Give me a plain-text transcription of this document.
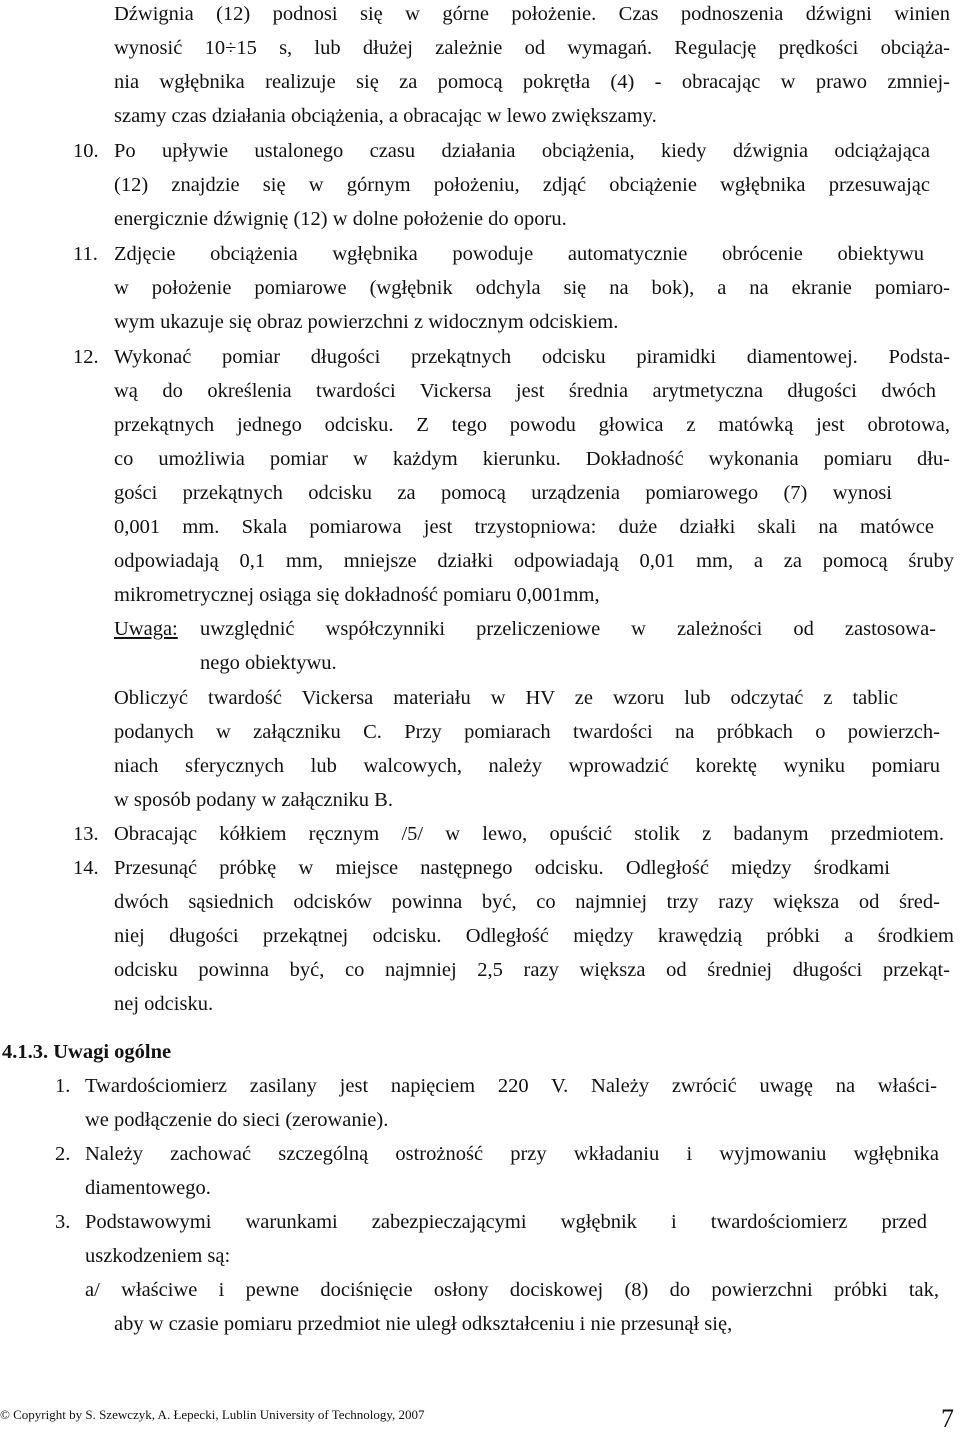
Dźwignia (12) podnosi się w górne położenie. Czas podnoszenia dźwigni winien
wynosić 10÷15 s, lub dłużej zależnie od wymagań. Regulację prędkości obciąża-
nia wgłębnika realizuje się za pomocą pokrętła (4) - obracając w prawo zmniej-
szamy czas działania obciążenia, a obracając w lewo zwiększamy.
10. Po upływie ustalonego czasu działania obciążenia, kiedy dźwignia odciążająca
(12) znajdzie się w górnym położeniu, zdjąć obciążenie wgłębnika przesuwając
energicznie dźwignię (12) w dolne położenie do oporu.
11. Zdjęcie obciążenia wgłębnika powoduje automatycznie obrócenie obiektywu
w położenie pomiarowe (wgłębnik odchyla się na bok), a na ekranie pomiaro-
wym ukazuje się obraz powierzchni z widocznym odciskiem.
12. Wykonać pomiar długości przekątnych odcisku piramidki diamentowej. Podsta-
wą do określenia twardości Vickersa jest średnia arytmetyczna długości dwóch
przekątnych jednego odcisku. Z tego powodu głowica z matówką jest obrotowa,
co umożliwia pomiar w każdym kierunku. Dokładność wykonania pomiaru dłu-
gości przekątnych odcisku za pomocą urządzenia pomiarowego (7) wynosi
0,001 mm. Skala pomiarowa jest trzystopniowa: duże działki skali na matówce
odpowiadają 0,1 mm, mniejsze działki odpowiadają 0,01 mm, a za pomocą śruby
mikrometrycznej osiąga się dokładność pomiaru 0,001mm,
Uwaga: uwzględnić współczynniki przeliczeniowe w zależności od zastosowa-
nego obiektywu.
Obliczyć twardość Vickersa materiału w HV ze wzoru lub odczytać z tablic
podanych w załączniku C. Przy pomiarach twardości na próbkach o powierzch-
niach sferycznych lub walcowych, należy wprowadzić korektę wyniku pomiaru
w sposób podany w załączniku B.
13. Obracając kółkiem ręcznym /5/ w lewo, opuścić stolik z badanym przedmiotem.
14. Przesunąć próbkę w miejsce następnego odcisku. Odległość między środkami
dwóch sąsiednich odcisków powinna być, co najmniej trzy razy większa od śred-
niej długości przekątnej odcisku. Odległość między krawędzią próbki a środkiem
odcisku powinna być, co najmniej 2,5 razy większa od średniej długości przekąt-
nej odcisku.
4.1.3. Uwagi ogólne
1. Twardościomierz zasilany jest napięciem 220 V. Należy zwrócić uwagę na właści-
we podłączenie do sieci (zerowanie).
2. Należy zachować szczególną ostrożność przy wkładaniu i wyjmowaniu wgłębnika
diamentowego.
3. Podstawowymi warunkami zabezpieczającymi wgłębnik i twardościomierz przed
uszkodzeniem są:
a/ właściwe i pewne dociśnięcie osłony dociskowej (8) do powierzchni próbki tak,
aby w czasie pomiaru przedmiot nie uległ odkształceniu i nie przesunął się,
© Copyright by S. Szewczyk, A. Łepecki, Lublin University of Technology, 2007	7
